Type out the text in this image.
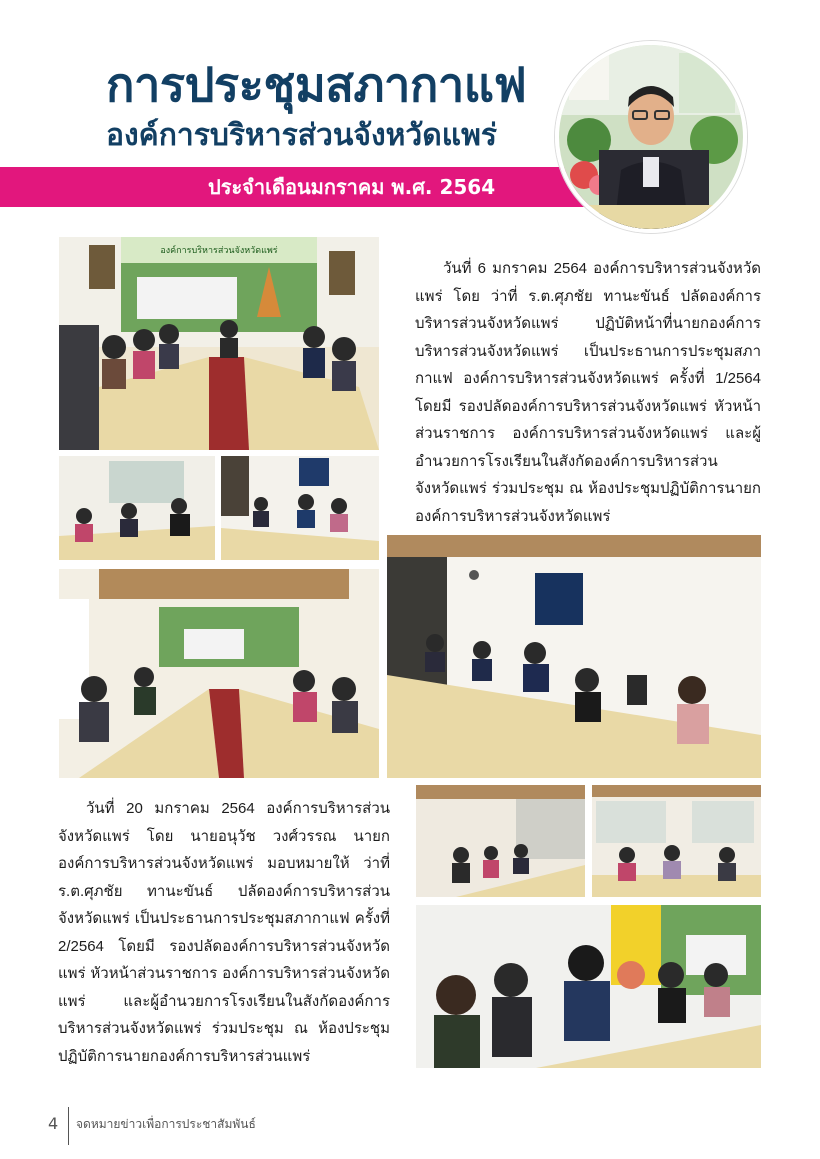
การประชุมสภากาแฟ
องค์การบริหารส่วนจังหวัดแพร่
ประจำเดือนมกราคม พ.ศ. 2564
องค์การบริหารส่วนจังหวัดแพร่
วันที่ 6 มกราคม 2564 องค์การบริหารส่วนจังหวัดแพร่ โดย ว่าที่ ร.ต.ศุภชัย ทานะขันธ์ ปลัดองค์การบริหารส่วนจังหวัดแพร่ ปฏิบัติหน้าที่นายกองค์การบริหารส่วนจังหวัดแพร่ เป็นประธานการประชุมสภากาแฟ องค์การบริหารส่วนจังหวัดแพร่ ครั้งที่ 1/2564 โดยมี รองปลัดองค์การบริหารส่วนจังหวัดแพร่ หัวหน้าส่วนราชการ องค์การบริหารส่วนจังหวัดแพร่ และผู้อำนวยการโรงเรียนในสังกัดองค์การบริหารส่วนจังหวัดแพร่ ร่วมประชุม ณ ห้องประชุมปฏิบัติการนายกองค์การบริหารส่วนจังหวัดแพร่
วันที่ 20 มกราคม 2564 องค์การบริหารส่วนจังหวัดแพร่ โดย นายอนุวัช วงศ์วรรณ นายกองค์การบริหารส่วนจังหวัดแพร่ มอบหมายให้ ว่าที่ ร.ต.ศุภชัย ทานะขันธ์ ปลัดองค์การบริหารส่วนจังหวัดแพร่ เป็นประธานการประชุมสภากาแฟ ครั้งที่ 2/2564 โดยมี รองปลัดองค์การบริหารส่วนจังหวัดแพร่ หัวหน้าส่วนราชการ องค์การบริหารส่วนจังหวัดแพร่ และผู้อำนวยการโรงเรียนในสังกัดองค์การบริหารส่วนจังหวัดแพร่ ร่วมประชุม ณ ห้องประชุมปฏิบัติการนายกองค์การบริหารส่วนแพร่
4 จดหมายข่าวเพื่อการประชาสัมพันธ์
